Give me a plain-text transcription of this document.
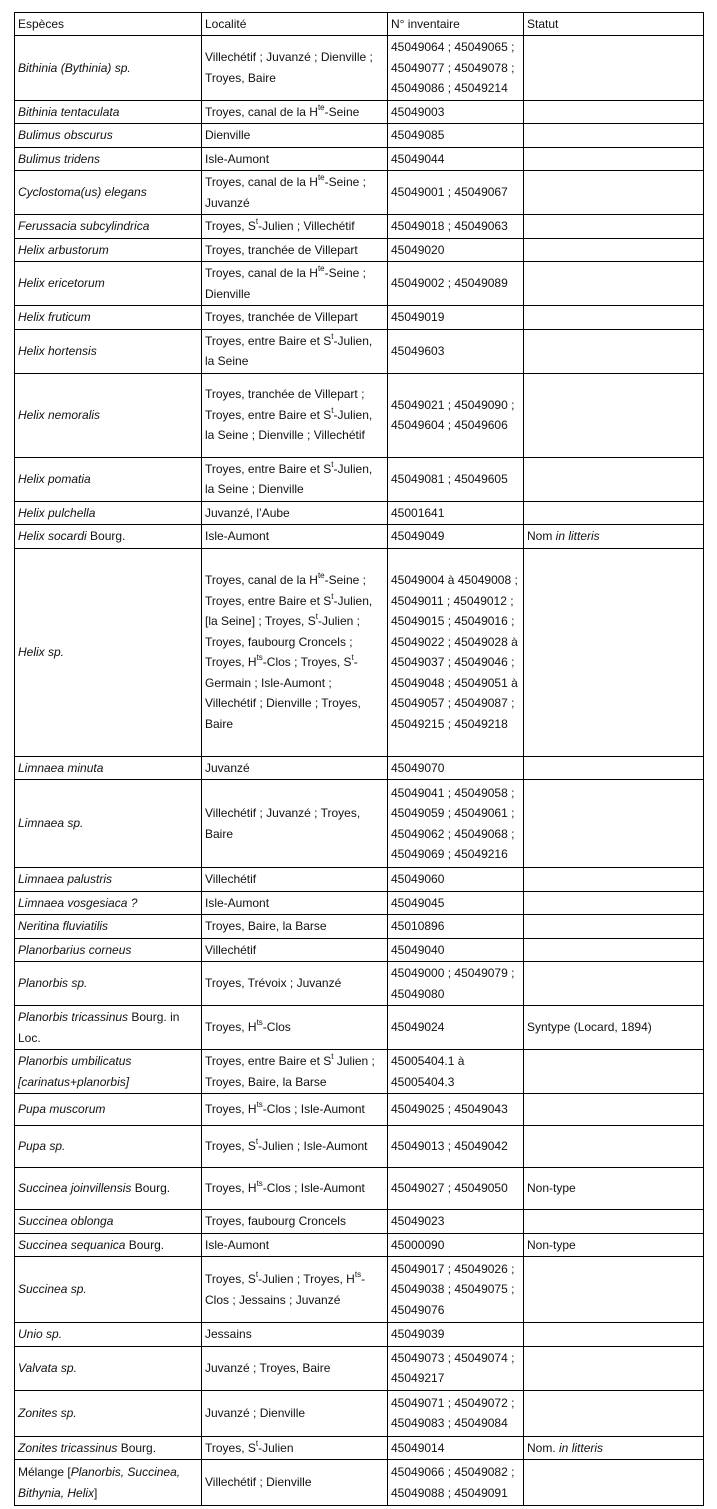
Espèces	Localité	N° inventaire	Statut
Bithinia (Bythinia) sp.	Villechétif ; Juvanzé ; Dienville ; Troyes, Baire	45049064 ; 45049065 ; 45049077 ; 45049078 ; 45049086 ; 45049214	
Bithinia tentaculata	Troyes, canal de la $H^{te}$-Seine	45049003	
Bulimus obscurus	Dienville	45049085	
Bulimus tridens	Isle-Aumont	45049044	
Cyclostoma(us) elegans	Troyes, canal de la $H^{te}$-Seine ; Juvanzé	45049001 ; 45049067	
Ferussacia subcylindrica	Troyes, $S^t$-Julien ; Villechétif	45049018 ; 45049063	
Helix arbustorum	Troyes, tranchée de Villepart	45049020	
Helix ericetorum	Troyes, canal de la $H^{te}$-Seine ; Dienville	45049002 ; 45049089	
Helix fruticum	Troyes, tranchée de Villepart	45049019	
Helix hortensis	Troyes, entre Baire et $S^t$-Julien, la Seine	45049603	
Helix nemoralis	Troyes, tranchée de Villepart ; Troyes, entre Baire et $S^t$-Julien, la Seine ; Dienville ; Villechétif	45049021 ; 45049090 ; 45049604 ; 45049606	
Helix pomatia	Troyes, entre Baire et $S^t$-Julien, la Seine ; Dienville	45049081 ; 45049605	
Helix pulchella	Juvanzé, l’Aube	45001641	
Helix socardi Bourg.	Isle-Aumont	45049049	Nom in litteris
Helix sp.	Troyes, canal de la $H^{te}$-Seine ; Troyes, entre Baire et $S^t$-Julien, [la Seine] ; Troyes, $S^t$-Julien ; Troyes, faubourg Croncels ; Troyes, $H^{ts}$-Clos ; Troyes, $S^t$-Germain ; Isle-Aumont ; Villechétif ; Dienville ; Troyes, Baire	45049004 à 45049008 ; 45049011 ; 45049012 ; 45049015 ; 45049016 ; 45049022 ; 45049028 à 45049037 ; 45049046 ; 45049048 ; 45049051 à 45049057 ; 45049087 ; 45049215 ; 45049218	
Limnaea minuta	Juvanzé	45049070	
Limnaea sp.	Villechétif ; Juvanzé ; Troyes, Baire	45049041 ; 45049058 ; 45049059 ; 45049061 ; 45049062 ; 45049068 ; 45049069 ; 45049216	
Limnaea palustris	Villechétif	45049060	
Limnaea vosgesiaca ?	Isle-Aumont	45049045	
Neritina fluviatilis	Troyes, Baire, la Barse	45010896	
Planorbarius corneus	Villechétif	45049040	
Planorbis sp.	Troyes, Trévoix ; Juvanzé	45049000 ; 45049079 ; 45049080	
Planorbis tricassinus Bourg. in Loc.	Troyes, $H^{ts}$-Clos	45049024	Syntype (Locard, 1894)
Planorbis umbilicatus [carinatus+planorbis]	Troyes, entre Baire et $S^t$ Julien ; Troyes, Baire, la Barse	45005404.1 à 45005404.3	
Pupa muscorum	Troyes, $H^{ts}$-Clos ; Isle-Aumont	45049025 ; 45049043	
Pupa sp.	Troyes, $S^t$-Julien ; Isle-Aumont	45049013 ; 45049042	
Succinea joinvillensis Bourg.	Troyes, $H^{ts}$-Clos ; Isle-Aumont	45049027 ; 45049050	Non-type
Succinea oblonga	Troyes, faubourg Croncels	45049023	
Succinea sequanica Bourg.	Isle-Aumont	45000090	Non-type
Succinea sp.	Troyes, $S^t$-Julien ; Troyes, $H^{ts}$-Clos ; Jessains ; Juvanzé	45049017 ; 45049026 ; 45049038 ; 45049075 ; 45049076	
Unio sp.	Jessains	45049039	
Valvata sp.	Juvanzé ; Troyes, Baire	45049073 ; 45049074 ; 45049217	
Zonites sp.	Juvanzé ; Dienville	45049071 ; 45049072 ; 45049083 ; 45049084	
Zonites tricassinus Bourg.	Troyes, $S^t$-Julien	45049014	Nom. in litteris
Mélange [Planorbis, Succinea, Bithynia, Helix]	Villechétif ; Dienville	45049066 ; 45049082 ; 45049088 ; 45049091	
